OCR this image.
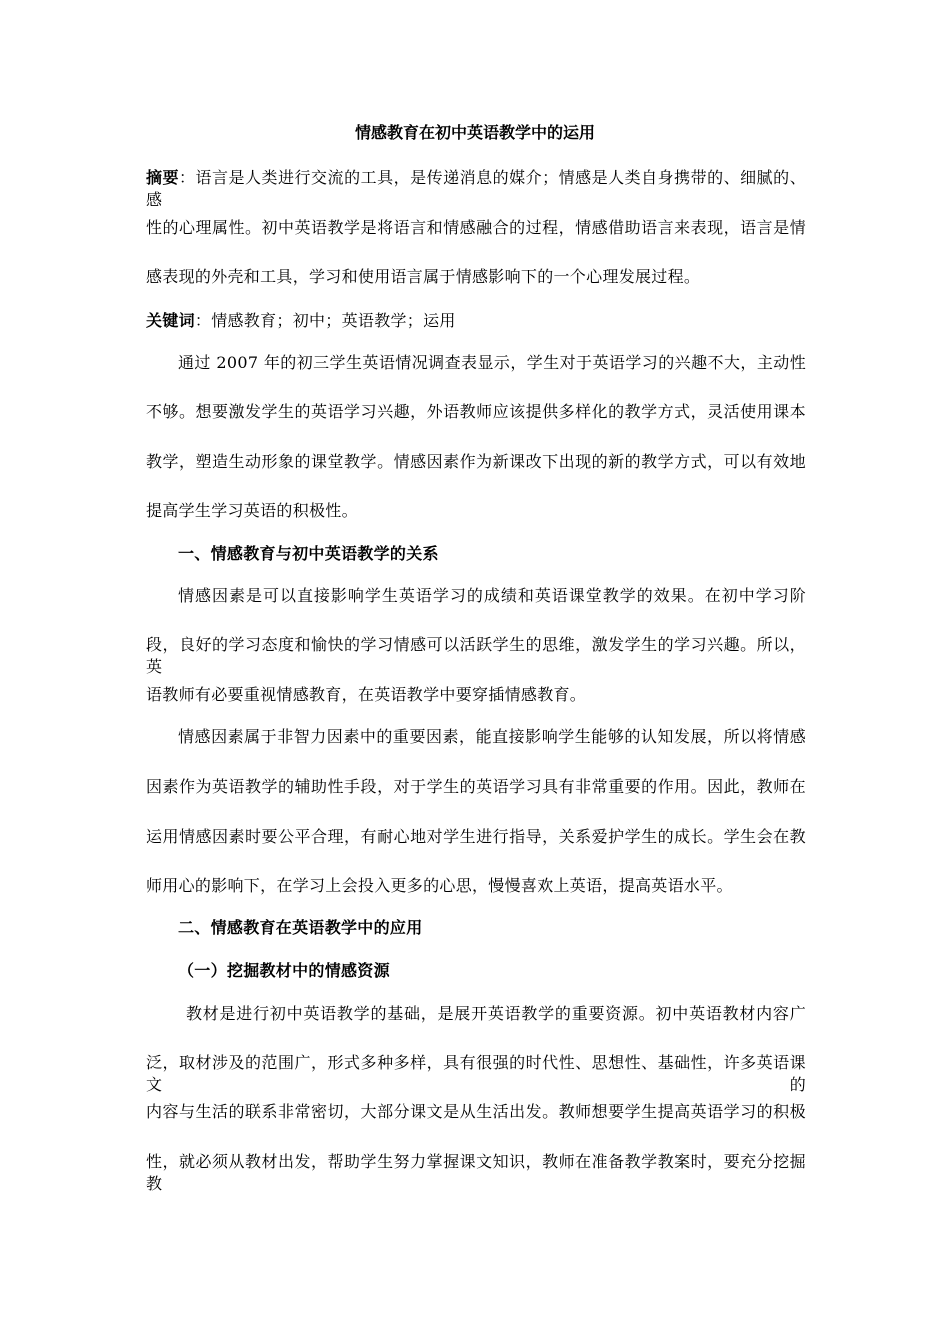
情感教育在初中英语教学中的运用
摘要：语言是人类进行交流的工具，是传递消息的媒介；情感是人类自身携带的、细腻的、感
性的心理属性。初中英语教学是将语言和情感融合的过程，情感借助语言来表现，语言是情
感表现的外壳和工具，学习和使用语言属于情感影响下的一个心理发展过程。
关键词：情感教育；初中；英语教学；运用
通过 2007 年的初三学生英语情况调查表显示，学生对于英语学习的兴趣不大，主动性
不够。想要激发学生的英语学习兴趣，外语教师应该提供多样化的教学方式，灵活使用课本
教学，塑造生动形象的课堂教学。情感因素作为新课改下出现的新的教学方式，可以有效地
提高学生学习英语的积极性。
一、情感教育与初中英语教学的关系
情感因素是可以直接影响学生英语学习的成绩和英语课堂教学的效果。在初中学习阶
段，良好的学习态度和愉快的学习情感可以活跃学生的思维，激发学生的学习兴趣。所以，英
语教师有必要重视情感教育，在英语教学中要穿插情感教育。
情感因素属于非智力因素中的重要因素，能直接影响学生能够的认知发展，所以将情感
因素作为英语教学的辅助性手段，对于学生的英语学习具有非常重要的作用。因此，教师在
运用情感因素时要公平合理，有耐心地对学生进行指导，关系爱护学生的成长。学生会在教
师用心的影响下，在学习上会投入更多的心思，慢慢喜欢上英语，提高英语水平。
二、情感教育在英语教学中的应用
（一）挖掘教材中的情感资源
教材是进行初中英语教学的基础，是展开英语教学的重要资源。初中英语教材内容广
泛，取材涉及的范围广，形式多种多样，具有很强的时代性、思想性、基础性，许多英语课文的
内容与生活的联系非常密切，大部分课文是从生活出发。教师想要学生提高英语学习的积极
性，就必须从教材出发，帮助学生努力掌握课文知识，教师在准备教学教案时，要充分挖掘教
